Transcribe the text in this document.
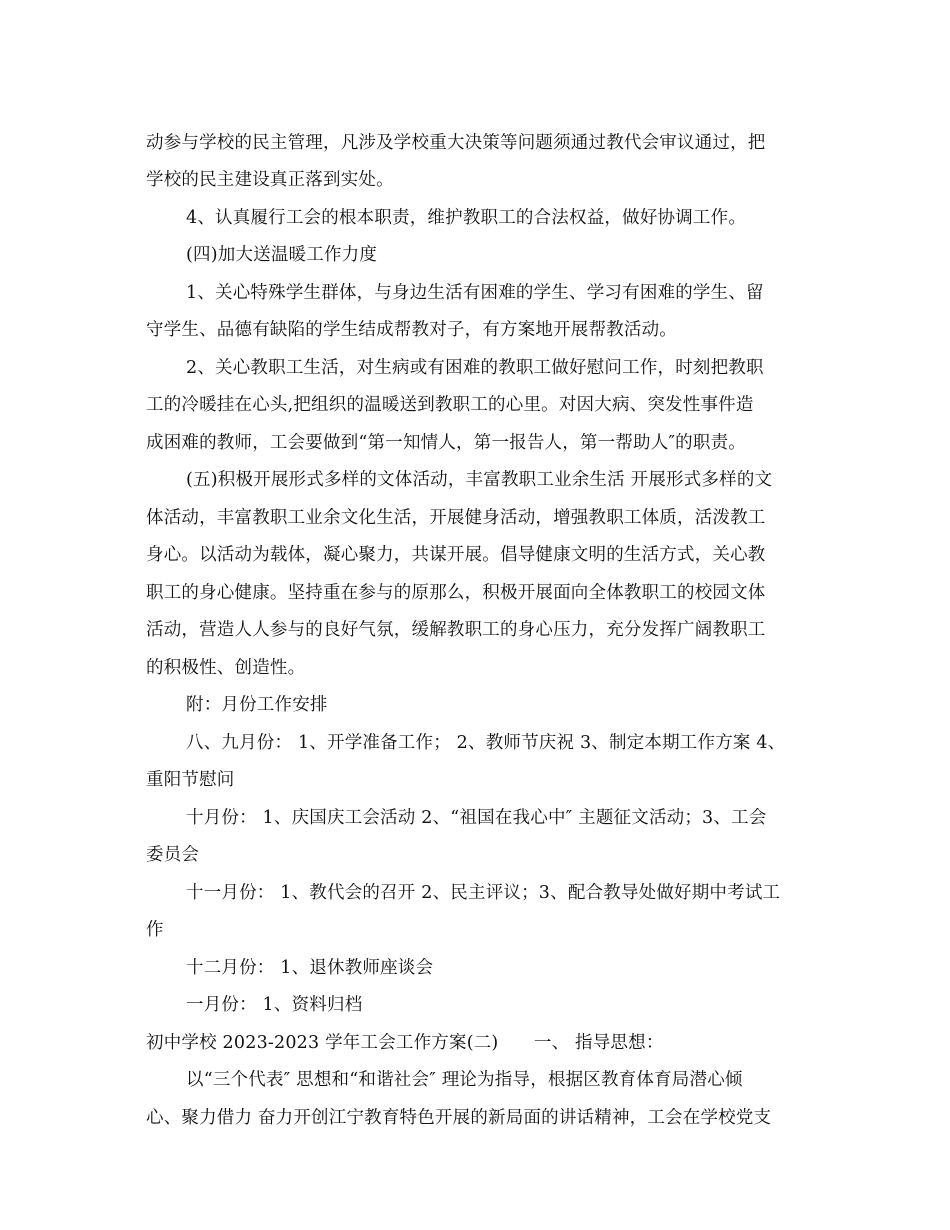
动参与学校的民主管理，凡涉及学校重大决策等问题须通过教代会审议通过，把
学校的民主建设真正落到实处。
4、认真履行工会的根本职责，维护教职工的合法权益，做好协调工作。
(四)加大送温暖工作力度
1、关心特殊学生群体，与身边生活有困难的学生、学习有困难的学生、留
守学生、品德有缺陷的学生结成帮教对子，有方案地开展帮教活动。
2、关心教职工生活，对生病或有困难的教职工做好慰问工作，时刻把教职
工的冷暖挂在心头,把组织的温暖送到教职工的心里。对因大病、突发性事件造
成困难的教师，工会要做到“第一知情人，第一报告人，第一帮助人″的职责。
(五)积极开展形式多样的文体活动，丰富教职工业余生活 开展形式多样的文
体活动，丰富教职工业余文化生活，开展健身活动，增强教职工体质，活泼教工
身心。以活动为载体，凝心聚力，共谋开展。倡导健康文明的生活方式，关心教
职工的身心健康。坚持重在参与的原那么，积极开展面向全体教职工的校园文体
活动，营造人人参与的良好气氛，缓解教职工的身心压力，充分发挥广阔教职工
的积极性、创造性。
附：月份工作安排
八、九月份： 1、开学准备工作； 2、教师节庆祝 3、制定本期工作方案 4、
重阳节慰问
十月份： 1、庆国庆工会活动 2、“祖国在我心中″ 主题征文活动；3、工会
委员会
十一月份： 1、教代会的召开 2、民主评议；3、配合教导处做好期中考试工
作
十二月份： 1、退休教师座谈会
一月份： 1、资料归档
初中学校 2023-2023 学年工会工作方案(二)　　一、 指导思想：
以“三个代表″ 思想和“和谐社会″ 理论为指导，根据区教育体育局潜心倾
心、聚力借力 奋力开创江宁教育特色开展的新局面的讲话精神，工会在学校党支
